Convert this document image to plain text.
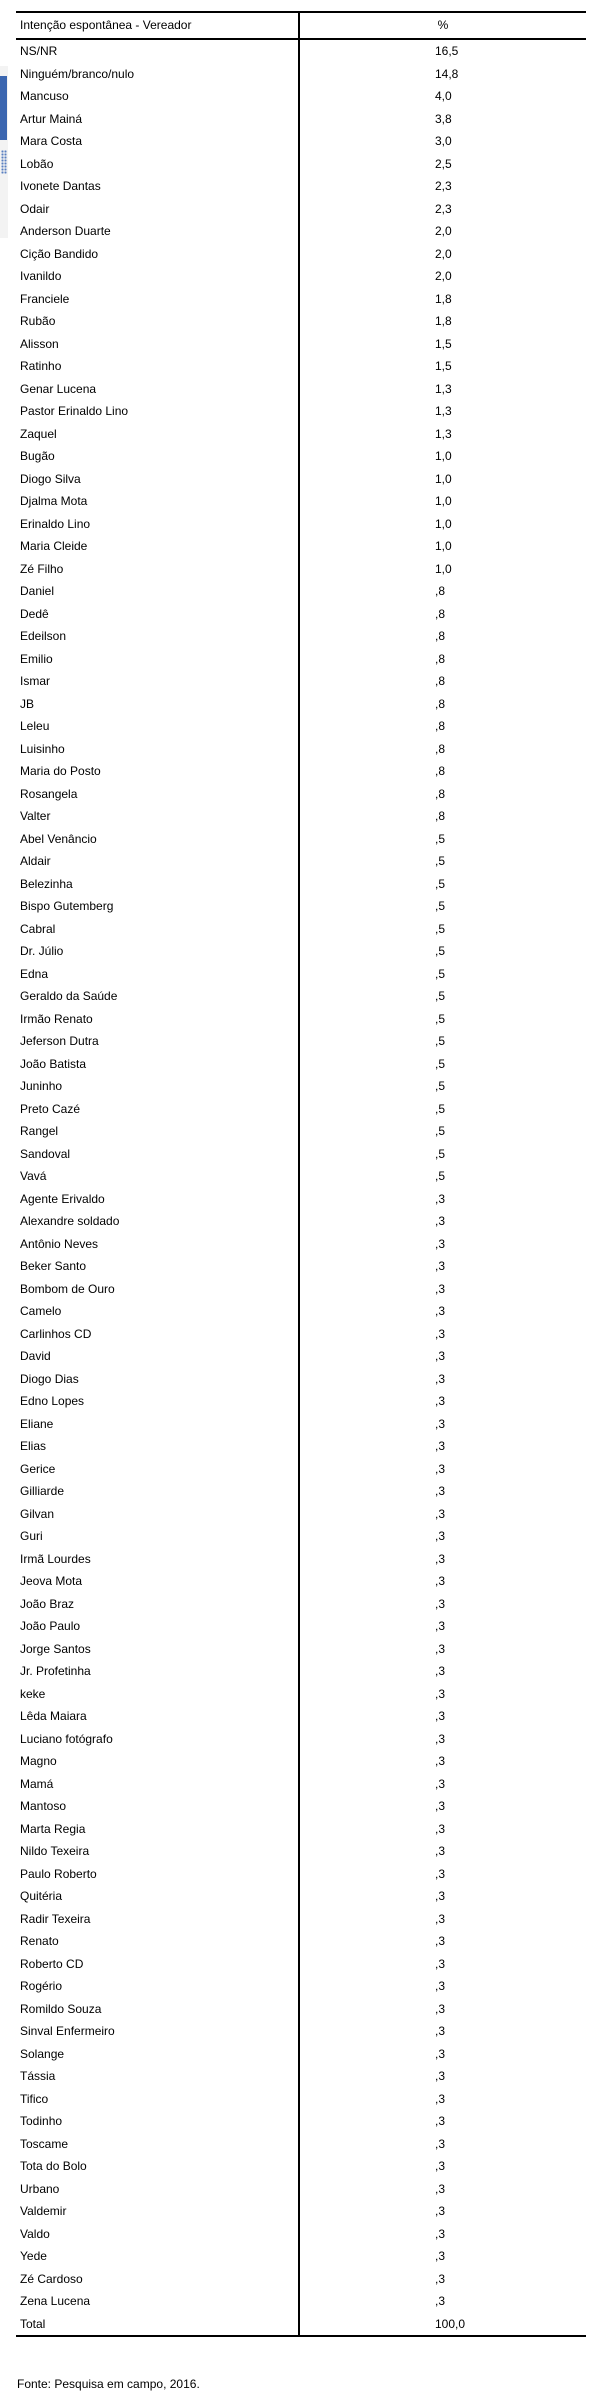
Intenção espontânea - Vereador	%
NS/NR	16,5
Ninguém/branco/nulo	14,8
Mancuso	4,0
Artur Mainá	3,8
Mara Costa	3,0
Lobão	2,5
Ivonete Dantas	2,3
Odair	2,3
Anderson Duarte	2,0
Cição Bandido	2,0
Ivanildo	2,0
Franciele	1,8
Rubão	1,8
Alisson	1,5
Ratinho	1,5
Genar Lucena	1,3
Pastor Erinaldo Lino	1,3
Zaquel	1,3
Bugão	1,0
Diogo Silva	1,0
Djalma Mota	1,0
Erinaldo Lino	1,0
Maria Cleide	1,0
Zé Filho	1,0
Daniel	,8
Dedê	,8
Edeilson	,8
Emilio	,8
Ismar	,8
JB	,8
Leleu	,8
Luisinho	,8
Maria do Posto	,8
Rosangela	,8
Valter	,8
Abel Venâncio	,5
Aldair	,5
Belezinha	,5
Bispo Gutemberg	,5
Cabral	,5
Dr. Júlio	,5
Edna	,5
Geraldo da Saúde	,5
Irmão Renato	,5
Jeferson Dutra	,5
João Batista	,5
Juninho	,5
Preto Cazé	,5
Rangel	,5
Sandoval	,5
Vavá	,5
Agente Erivaldo	,3
Alexandre soldado	,3
Antônio Neves	,3
Beker Santo	,3
Bombom de Ouro	,3
Camelo	,3
Carlinhos CD	,3
David	,3
Diogo Dias	,3
Edno Lopes	,3
Eliane	,3
Elias	,3
Gerice	,3
Gilliarde	,3
Gilvan	,3
Guri	,3
Irmã Lourdes	,3
Jeova Mota	,3
João Braz	,3
João Paulo	,3
Jorge Santos	,3
Jr. Profetinha	,3
keke	,3
Lêda Maiara	,3
Luciano fotógrafo	,3
Magno	,3
Mamá	,3
Mantoso	,3
Marta Regia	,3
Nildo Texeira	,3
Paulo Roberto	,3
Quitéria	,3
Radir Texeira	,3
Renato	,3
Roberto CD	,3
Rogério	,3
Romildo Souza	,3
Sinval Enfermeiro	,3
Solange	,3
Tássia	,3
Tifico	,3
Todinho	,3
Toscame	,3
Tota do Bolo	,3
Urbano	,3
Valdemir	,3
Valdo	,3
Yede	,3
Zé Cardoso	,3
Zena Lucena	,3
Total	100,0
Fonte: Pesquisa em campo, 2016.
